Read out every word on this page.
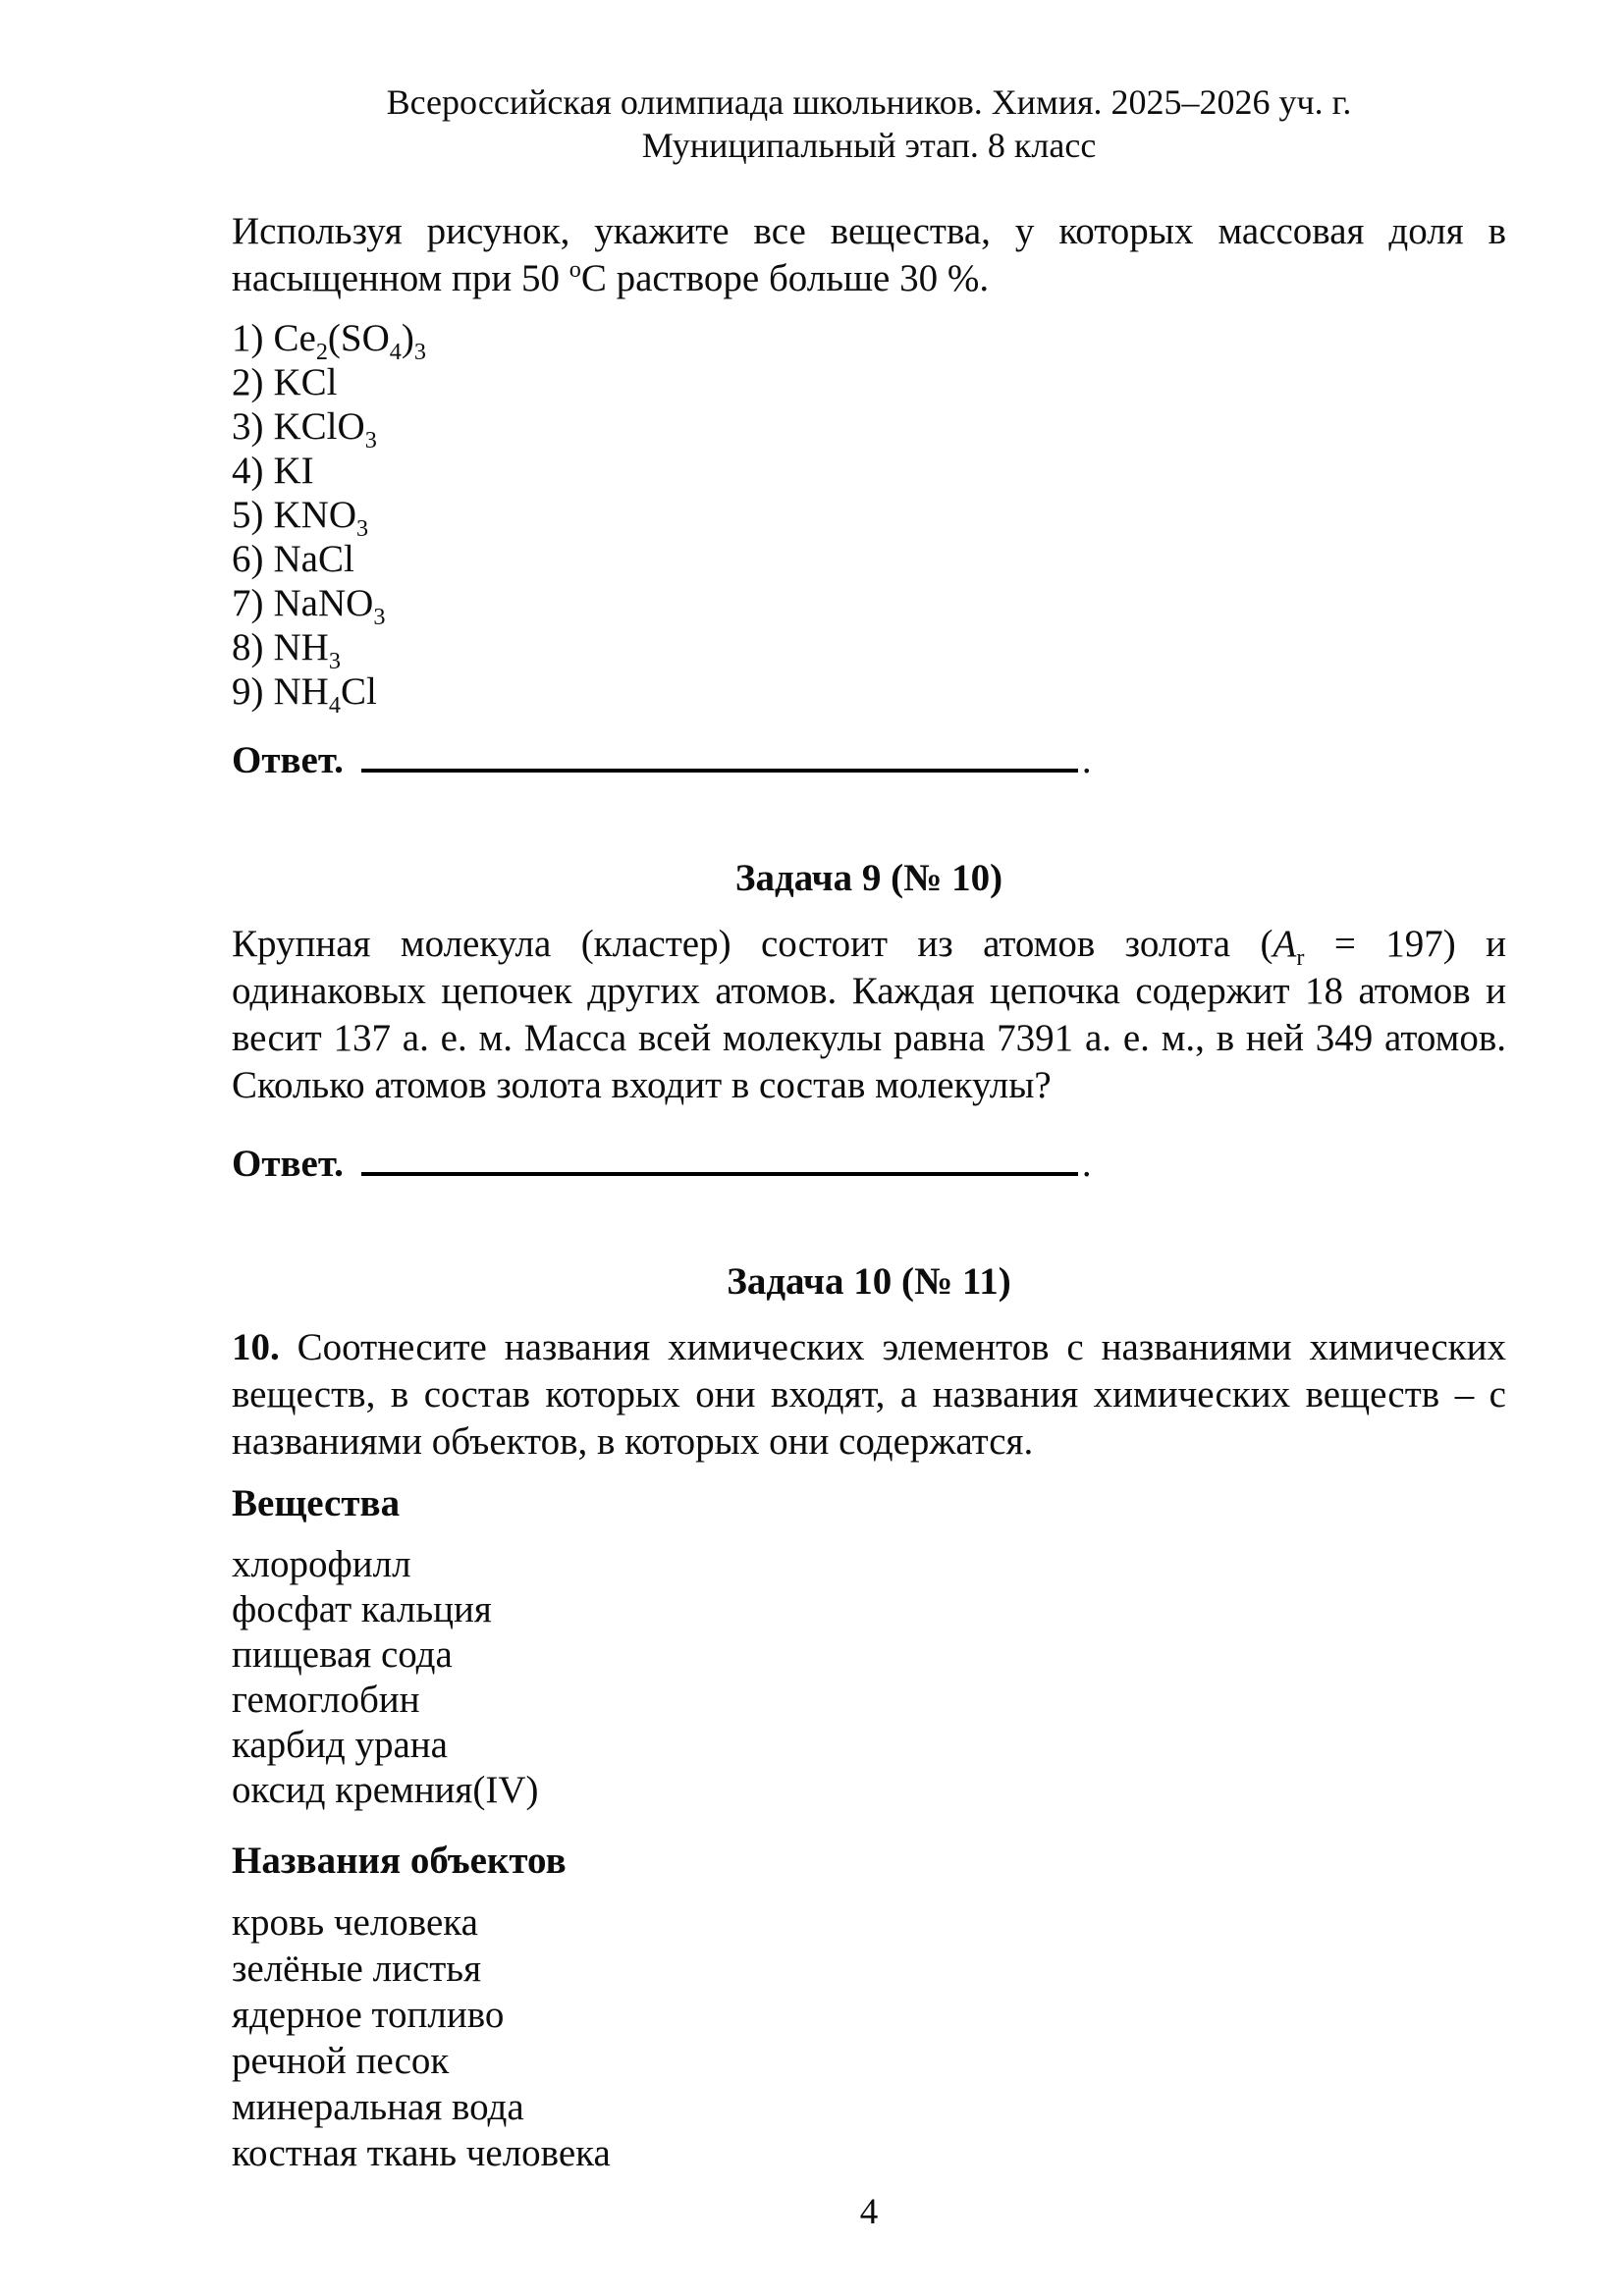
Всероссийская олимпиада школьников. Химия. 2025–2026 уч. г.
Муниципальный этап. 8 класс

Используя рисунок, укажите все вещества, у которых массовая доля в насыщенном при 50 $^о$С растворе больше 30 %.

1) $Ce_2(SO_4)_3$
2) KCl
3) KClO$_3$
4) KI
5) $KNO_3$
6) NaCl
7) NaNO$_3$
8) $NH_3$
9) $NH_4Cl$
Ответ.	.
Задача 9 (№ 10)

Крупная молекула (кластер) состоит из атомов золота $(A_r = 197)$ и одинаковых цепочек других атомов. Каждая цепочка содержит 18 атомов и весит 137 а. е. м. Масса всей молекулы равна 7391 а. е. м., в ней 349 атомов. Сколько атомов золота входит в состав молекулы?

Ответ.	.
Задача 10 (№ 11)

10. Соотнесите названия химических элементов с названиями химических веществ, в состав которых они входят, а названия химических веществ – с названиями объектов, в которых они содержатся.

Вещества
хлорофилл
фосфат кальция
пищевая сода
гемоглобин
карбид урана
оксид кремния(IV)
Названия объектов
кровь человека
зелёные листья
ядерное топливо
речной песок
минеральная вода
костная ткань человека
4
